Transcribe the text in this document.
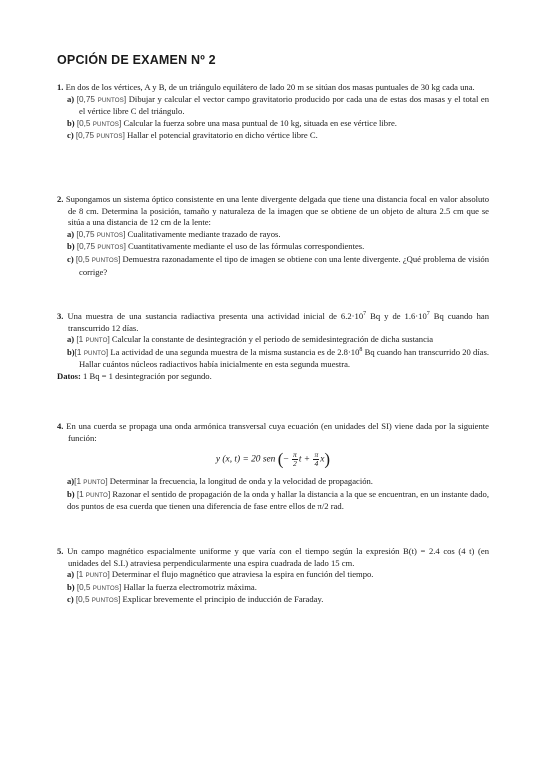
OPCIÓN DE EXAMEN Nº 2

1. En dos de los vértices, A y B, de un triángulo equilátero de lado 20 m se sitúan dos masas puntuales de 30 kg cada una.

a) [0,75 PUNTOS] Dibujar y calcular el vector campo gravitatorio producido por cada una de estas dos masas y el total en el vértice libre C del triángulo.

b) [0,5 PUNTOS] Calcular la fuerza sobre una masa puntual de 10 kg, situada en ese vértice libre.

c) [0,75 PUNTOS] Hallar el potencial gravitatorio en dicho vértice libre C.

2. Supongamos un sistema óptico consistente en una lente divergente delgada que tiene una distancia focal en valor absoluto de 8 cm. Determina la posición, tamaño y naturaleza de la imagen que se obtiene de un objeto de altura 2.5 cm que se sitúa a una distancia de 12 cm de la lente:

a) [0,75 PUNTOS] Cualitativamente mediante trazado de rayos.

b) [0,75 PUNTOS] Cuantitativamente mediante el uso de las fórmulas correspondientes.

c) [0,5 PUNTOS] Demuestra razonadamente el tipo de imagen se obtiene con una lente divergente. ¿Qué problema de visión corrige?

3. Una muestra de una sustancia radiactiva presenta una actividad inicial de $6.2\cdot 10^7$ Bq y de $1.6\cdot 10^7$ Bq cuando han transcurrido 12 días.

a) [1 PUNTO] Calcular la constante de desintegración y el periodo de semidesintegración de dicha sustancia

b)[1 PUNTO] La actividad de una segunda muestra de la misma sustancia es de $2.8\cdot 10^8$ Bq cuando han transcurrido 20 días. Hallar cuántos núcleos radiactivos había inicialmente en esta segunda muestra.

Datos: 1 Bq = 1 desintegración por segundo.

4. En una cuerda se propaga una onda armónica transversal cuya ecuación (en unidades del SI) viene dada por la siguiente función:

y (x, t) = 20 sen (− $\frac{\pi}{2}$ $t + \frac{\pi}{4} x$)

a)[1 PUNTO] Determinar la frecuencia, la longitud de onda y la velocidad de propagación.

b) [1 PUNTO] Razonar el sentido de propagación de la onda y hallar la distancia a la que se encuentran, en un instante dado, dos puntos de esa cuerda que tienen una diferencia de fase entre ellos de π/2 rad.

5. Un campo magnético espacialmente uniforme y que varía con el tiempo según la expresión B(t) = 2.4 cos (4 t) (en unidades del S.I.) atraviesa perpendicularmente una espira cuadrada de lado 15 cm.

a) [1 PUNTO] Determinar el flujo magnético que atraviesa la espira en función del tiempo.

b) [0,5 PUNTOS] Hallar la fuerza electromotriz máxima.

c) [0,5 PUNTOS] Explicar brevemente el principio de inducción de Faraday.
